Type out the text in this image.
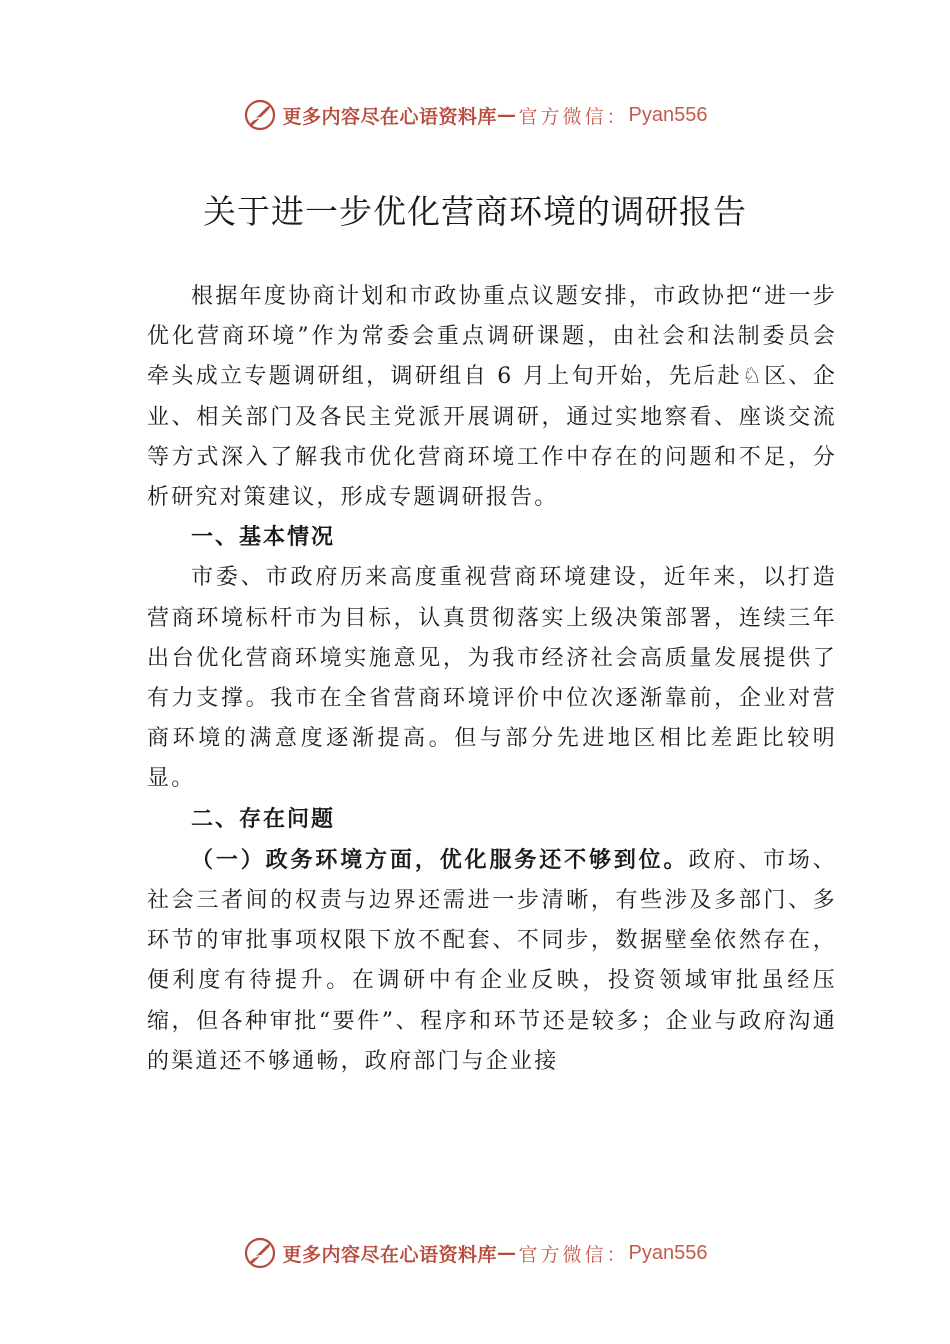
更多内容尽在心语资料库 — 官方微信： Pyan556
关于进一步优化营商环境的调研报告

根据年度协商计划和市政协重点议题安排，市政协把“进一步优化营商环境”作为常委会重点调研课题，由社会和法制委员会牵头成立专题调研组，调研组自 6 月上旬开始，先后赴♘区、企业、相关部门及各民主党派开展调研，通过实地察看、座谈交流等方式深入了解我市优化营商环境工作中存在的问题和不足，分析研究对策建议，形成专题调研报告。

一、基本情况

市委、市政府历来高度重视营商环境建设，近年来，以打造营商环境标杆市为目标，认真贯彻落实上级决策部署，连续三年出台优化营商环境实施意见，为我市经济社会高质量发展提供了有力支撑。我市在全省营商环境评价中位次逐渐靠前，企业对营商环境的满意度逐渐提高。但与部分先进地区相比差距比较明显。

二、存在问题

（一）政务环境方面，优化服务还不够到位。政府、市场、社会三者间的权责与边界还需进一步清晰，有些涉及多部门、多环节的审批事项权限下放不配套、不同步，数据壁垒依然存在，便利度有待提升。在调研中有企业反映，投资领域审批虽经压缩，但各种审批“要件”、程序和环节还是较多；企业与政府沟通的渠道还不够通畅，政府部门与企业接

更多内容尽在心语资料库 — 官方微信： Pyan556
